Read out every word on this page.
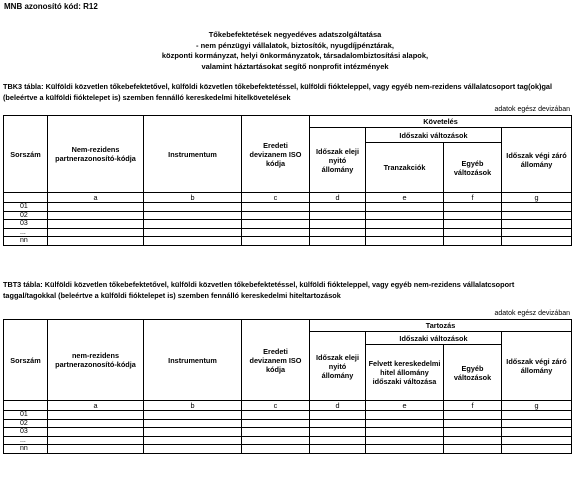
MNB azonosító kód: R12
Tőkebefektetések negyedéves adatszolgáltatása
- nem pénzügyi vállalatok, biztosítók, nyugdíjpénztárak,
központi kormányzat, helyi önkormányzatok, társadalombiztosítási alapok,
valamint háztartásokat segítő nonprofit intézmények
TBK3 tábla: Külföldi közvetlen tőkebefektetővel, külföldi közvetlen tőkebefektetéssel, külföldi fiókteleppel, vagy egyéb nem-rezidens vállalatcsoport tag(ok)gal (beleértve a külföldi fióktelepet is) szemben fennálló kereskedelmi hitelkövetelések
adatok egész devizában
Sorszám	Nem-rezidens partnerazonosító-kódja	Instrumentum	Eredeti devizanem ISO kódja	Követelés			
				Időszak eleji nyitó állomány	Időszaki változások		Időszak végi záró állomány
					Tranzakciók	Egyéb változások	
	a	b	c	d	e	f	g
01							
02							
03							
...							
nn							
TBT3 tábla: Külföldi közvetlen tőkebefektetővel, külföldi közvetlen tőkebefektetéssel, külföldi fiókteleppel, vagy egyéb nem-rezidens vállalatcsoport taggal/tagokkal (beleértve a külföldi fióktelepet is) szemben fennálló kereskedelmi hiteltartozások
adatok egész devizában
Sorszám	nem-rezidens partnerazonosító-kódja	Instrumentum	Eredeti devizanem ISO kódja	Tartozás			
				Időszak eleji nyitó állomány	Időszaki változások		Időszak végi záró állomány
					Felvett kereskedelmi hitel állomány időszaki változása	Egyéb változások	
	a	b	c	d	e	f	g
01							
02							
03							
...							
nn							
